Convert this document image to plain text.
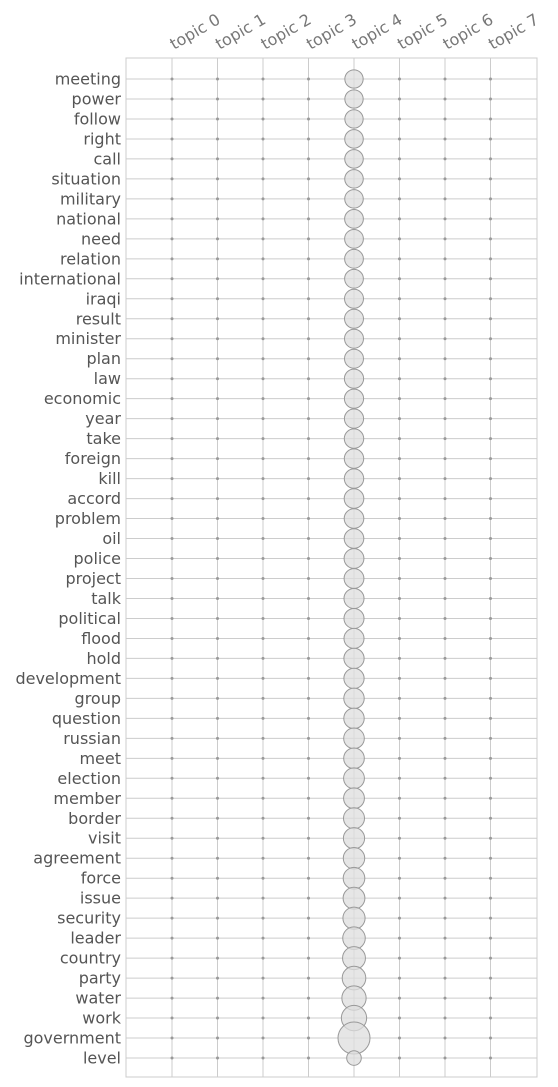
meeting
power
follow
right
call
situation
military
national
need
relation
international
iraqi
result
minister
plan
law
economic
year
take
foreign
kill
accord
problem
oil
police
project
talk
political
flood
hold
development
group
question
russian
meet
election
member
border
visit
agreement
force
issue
security
leader
country
party
water
work
government
level
topic 0
topic 1
topic 2
topic 3
topic 4
topic 5
topic 6
topic 7
